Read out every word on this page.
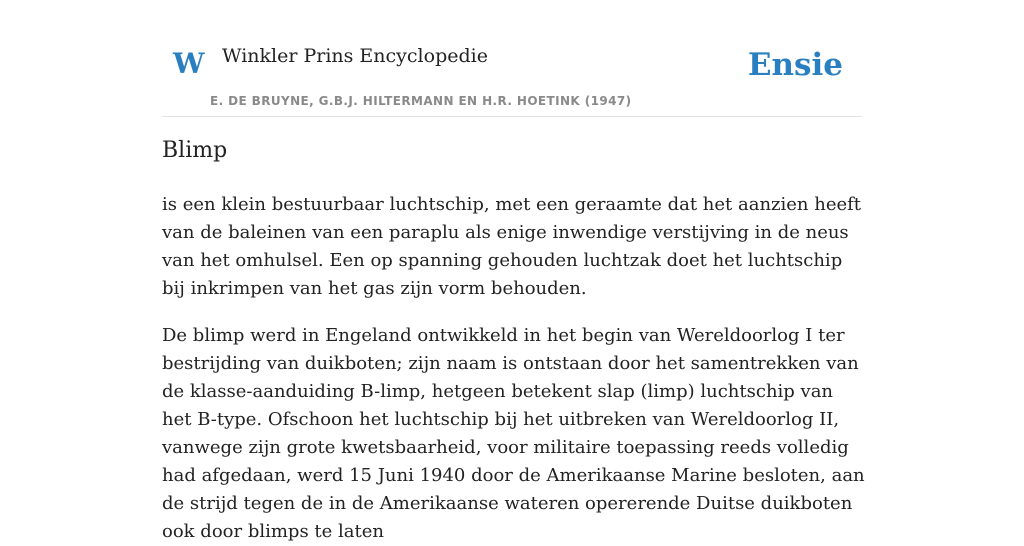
W Winkler Prins Encyclopedie
E. DE BRUYNE, G.B.J. HILTERMANN EN H.R. HOETINK (1947)
Ensie
Blimp

is een klein bestuurbaar luchtschip, met een geraamte dat het aanzien heeft van de baleinen van een paraplu als enige inwendige verstijving in de neus van het omhulsel. Een op spanning gehouden luchtzak doet het luchtschip bij inkrimpen van het gas zijn vorm behouden.

De blimp werd in Engeland ontwikkeld in het begin van Wereldoorlog I ter bestrijding van duikboten; zijn naam is ontstaan door het samentrekken van de klasse-aanduiding B-limp, hetgeen betekent slap (limp) luchtschip van het B-type. Ofschoon het luchtschip bij het uitbreken van Wereldoorlog II, vanwege zijn grote kwetsbaarheid, voor militaire toepassing reeds volledig had afgedaan, werd 15 Juni 1940 door de Amerikaanse Marine besloten, aan de strijd tegen de in de Amerikaanse wateren opererende Duitse duikboten ook door blimps te laten
